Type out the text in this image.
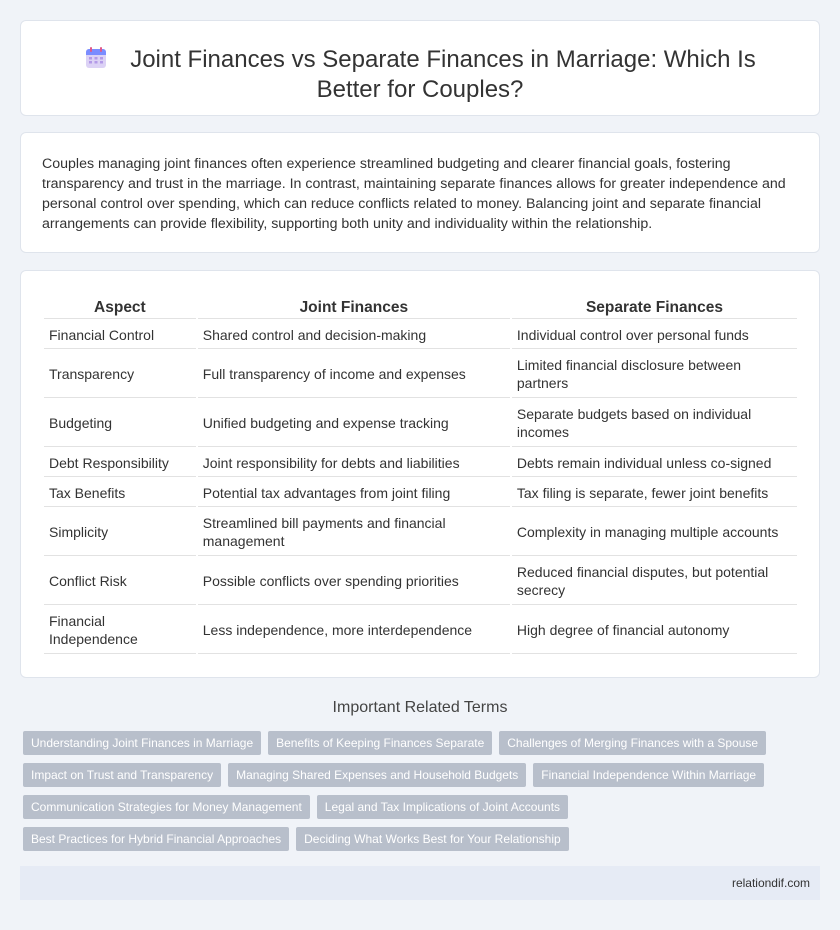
Joint Finances vs Separate Finances in Marriage: Which Is Better for Couples?

Couples managing joint finances often experience streamlined budgeting and clearer financial goals, fostering transparency and trust in the marriage. In contrast, maintaining separate finances allows for greater independence and personal control over spending, which can reduce conflicts related to money. Balancing joint and separate financial arrangements can provide flexibility, supporting both unity and individuality within the relationship.

Aspect	Joint Finances	Separate Finances
Financial Control	Shared control and decision-making	Individual control over personal funds
Transparency	Full transparency of income and expenses	Limited financial disclosure between partners
Budgeting	Unified budgeting and expense tracking	Separate budgets based on individual incomes
Debt Responsibility	Joint responsibility for debts and liabilities	Debts remain individual unless co-signed
Tax Benefits	Potential tax advantages from joint filing	Tax filing is separate, fewer joint benefits
Simplicity	Streamlined bill payments and financial management	Complexity in managing multiple accounts
Conflict Risk	Possible conflicts over spending priorities	Reduced financial disputes, but potential secrecy
Financial Independence	Less independence, more interdependence	High degree of financial autonomy
Important Related Terms
Understanding Joint Finances in Marriage	Benefits of Keeping Finances Separate	Challenges of Merging Finances with a Spouse
Impact on Trust and Transparency	Managing Shared Expenses and Household Budgets	Financial Independence Within Marriage
Communication Strategies for Money Management	Legal and Tax Implications of Joint Accounts
Best Practices for Hybrid Financial Approaches	Deciding What Works Best for Your Relationship
relationdif.com
